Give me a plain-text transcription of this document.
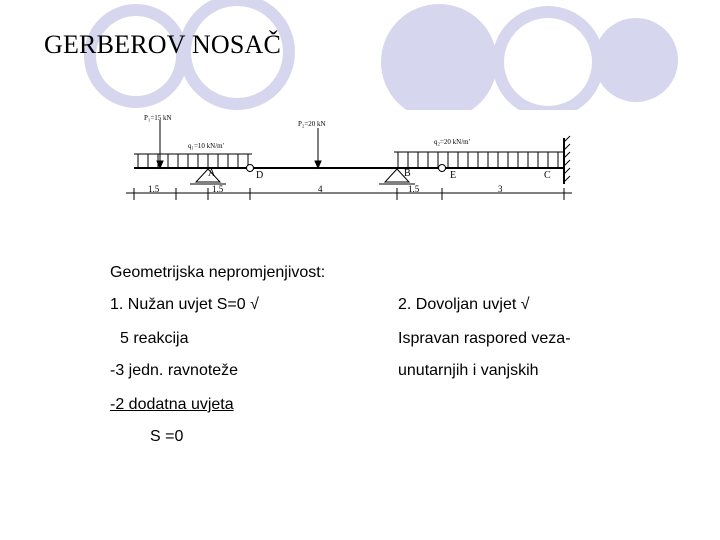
GERBEROV NOSAČ
P₁=15 kN
q₁=10 kN/m'
P₂=20 kN
q₂=20 kN/m'
A	D	B	E	C
1.5	1.5	4	1.5	3
Geometrijska nepromjenjivost:
1. Nužan uvjet S=0 √
5 reakcija
-3 jedn. ravnoteže
-2 dodatna uvjeta
S =0
2. Dovoljan uvjet √
Ispravan raspored veza-
unutarnjih i vanjskih
